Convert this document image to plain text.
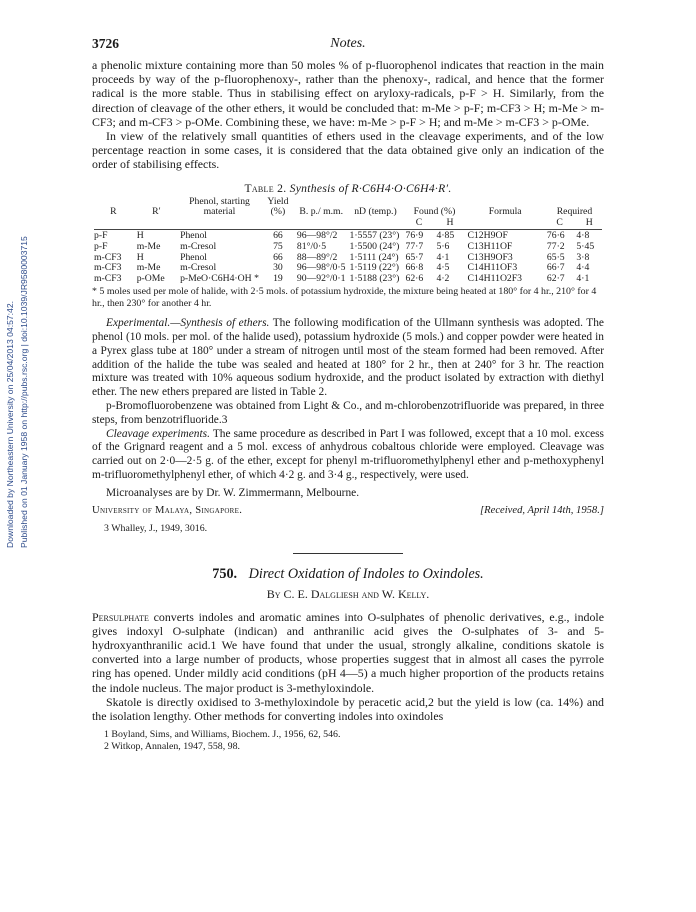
Downloaded by Northeastern University on 25/04/2013 04:57:42. Published on 01 January 1958 on http://pubs.rsc.org | doi:10.1039/JR9580003715
3726	Notes.

a phenolic mixture containing more than 50 moles % of p-fluorophenol indicates that reaction in the main proceeds by way of the p-fluorophenoxy-, rather than the phenoxy-, radical, and hence that the former radical is the more stable. Thus in stabilising effect on aryloxy-radicals, p-F > H. Similarly, from the direction of cleavage of the other ethers, it would be concluded that: m-Me > p-F; m-CF3 > H; m-Me > m-CF3; and m-CF3 > p-OMe. Combining these, we have: m-Me > p-F > H; and m-Me > m-CF3 > p-OMe.

In view of the relatively small quantities of ethers used in the cleavage experiments, and of the low percentage reaction in some cases, it is considered that the data obtained give only an indication of the order of stabilising effects.

Table 2. Synthesis of R·C6H4·O·C6H4·R′.
R	R′	Phenol, starting material	Yield (%)	B. p./ m.m.	nD (temp.)	Found (%)		Formula	Required	
						C	H		C	H

p-F	H	Phenol	66	96—98°/2	1·5557 (23°)	76·9	4·85	C12H9OF	76·6	4·8
p-F	m-Me	m-Cresol	75	81°/0·5	1·5500 (24°)	77·7	5·6	C13H11OF	77·2	5·45
m-CF3	H	Phenol	66	88—89°/2	1·5111 (24°)	65·7	4·1	C13H9OF3	65·5	3·8
m-CF3	m-Me	m-Cresol	30	96—98°/0·5	1·5119 (22°)	66·8	4·5	C14H11OF3	66·7	4·4
m-CF3	p-OMe	p-MeO·C6H4·OH *	19	90—92°/0·1	1·5188 (23°)	62·6	4·2	C14H11O2F3	62·7	4·1
* 5 moles used per mole of halide, with 2·5 mols. of potassium hydroxide, the mixture being heated at 180° for 4 hr., 210° for 4 hr., then 230° for another 4 hr.

Experimental.—Synthesis of ethers. The following modification of the Ullmann synthesis was adopted. The phenol (10 mols. per mol. of the halide used), potassium hydroxide (5 mols.) and copper powder were heated in a Pyrex glass tube at 180° under a stream of nitrogen until most of the steam formed had been removed. After addition of the halide the tube was sealed and heated at 180° for 2 hr., then at 240° for 3 hr. The reaction mixture was treated with 10% aqueous sodium hydroxide, and the product isolated by extraction with diethyl ether. The new ethers prepared are listed in Table 2.

p-Bromofluorobenzene was obtained from Light & Co., and m-chlorobenzotrifluoride was prepared, in three steps, from benzotrifluoride.3

Cleavage experiments. The same procedure as described in Part I was followed, except that a 10 mol. excess of the Grignard reagent and a 5 mol. excess of anhydrous cobaltous chloride were employed. Cleavage was carried out on 2·0—2·5 g. of the ether, except for phenyl m-trifluoromethylphenyl ether and p-methoxyphenyl m-trifluoromethylphenyl ether, of which 4·2 g. and 3·4 g., respectively, were used.

Microanalyses are by Dr. W. Zimmermann, Melbourne.

University of Malaya, Singapore.	[Received, April 14th, 1958.]
3 Whalley, J., 1949, 3016.
750. Direct Oxidation of Indoles to Oxindoles.
By C. E. Dalgliesh and W. Kelly.

Persulphate converts indoles and aromatic amines into O-sulphates of phenolic derivatives, e.g., indole gives indoxyl O-sulphate (indican) and anthranilic acid gives the O-sulphates of 3- and 5-hydroxyanthranilic acid.1 We have found that under the usual, strongly alkaline, conditions skatole is converted into a large number of products, whose properties suggest that in almost all cases the pyrrole ring has opened. Under mildly acid conditions (pH 4—5) a much higher proportion of the products retains the indole nucleus. The major product is 3-methyloxindole.

Skatole is directly oxidised to 3-methyloxindole by peracetic acid,2 but the yield is low (ca. 14%) and the isolation lengthy. Other methods for converting indoles into oxindoles

1 Boyland, Sims, and Williams, Biochem. J., 1956, 62, 546.
2 Witkop, Annalen, 1947, 558, 98.
